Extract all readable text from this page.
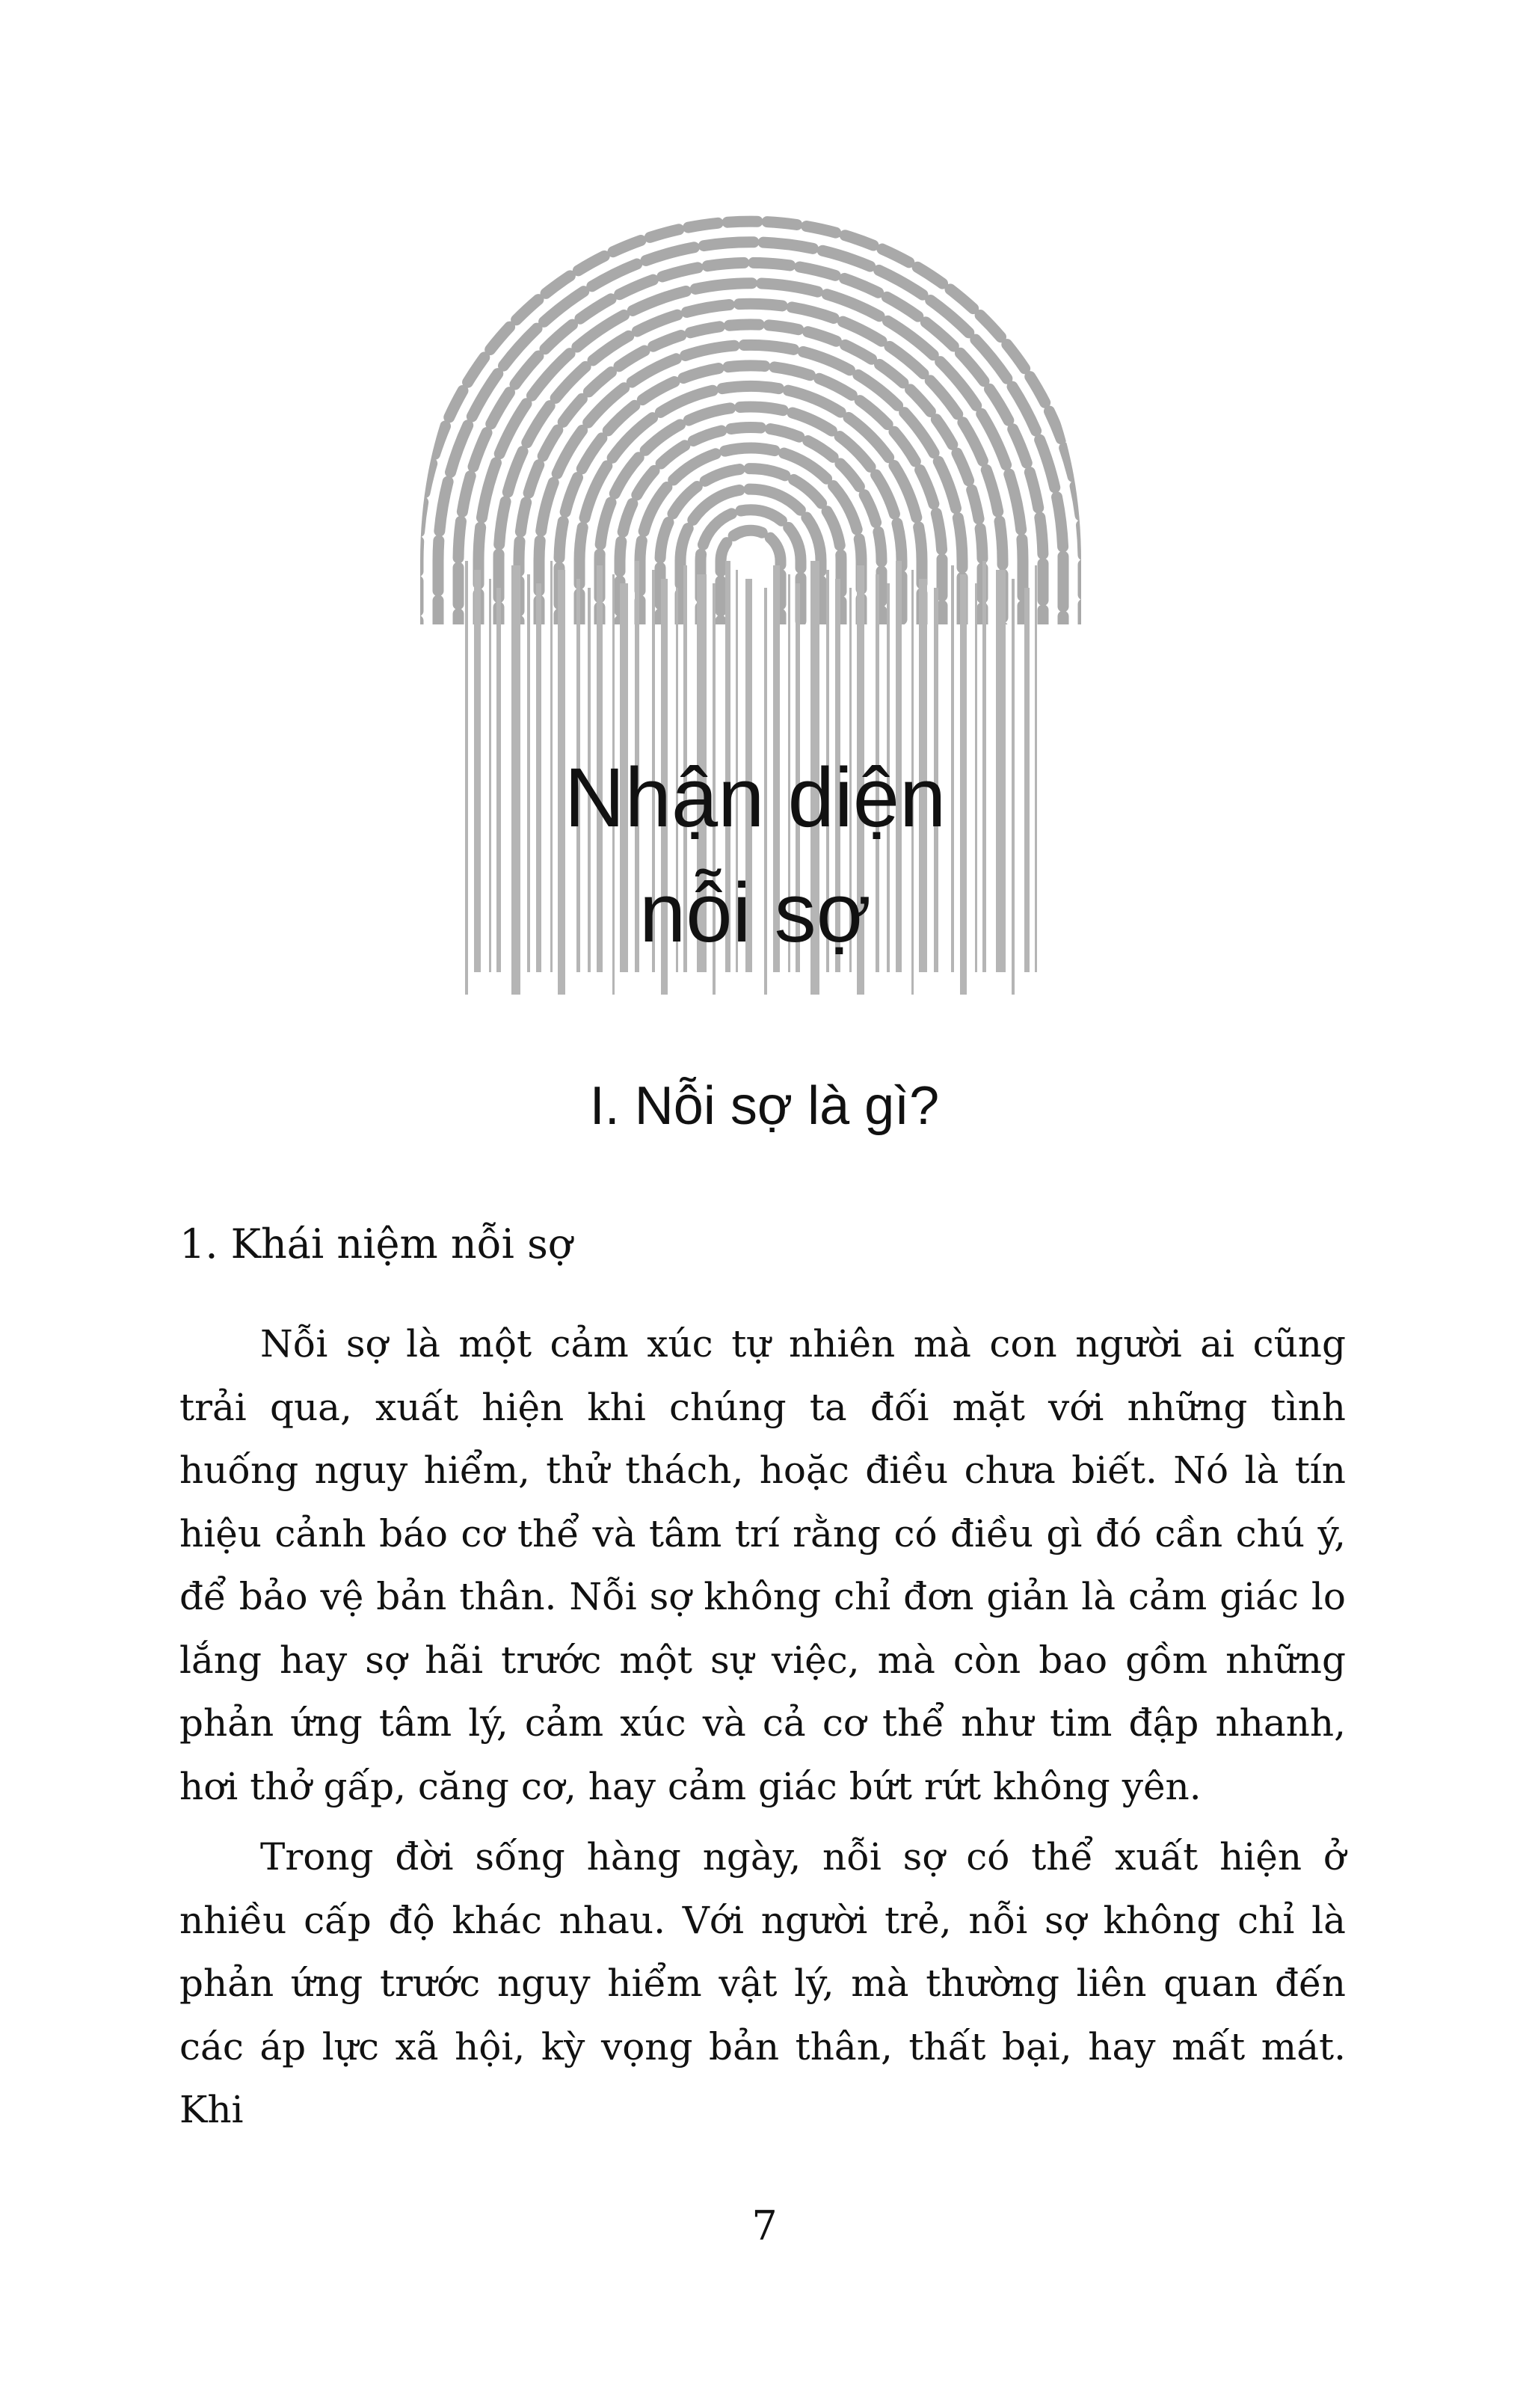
Nhận diện
nỗi sợ
I. Nỗi sợ là gì?
1. Khái niệm nỗi sợ

Nỗi sợ là một cảm xúc tự nhiên mà con người ai cũng trải qua, xuất hiện khi chúng ta đối mặt với những tình huống nguy hiểm, thử thách, hoặc điều chưa biết. Nó là tín hiệu cảnh báo cơ thể và tâm trí rằng có điều gì đó cần chú ý, để bảo vệ bản thân. Nỗi sợ không chỉ đơn giản là cảm giác lo lắng hay sợ hãi trước một sự việc, mà còn bao gồm những phản ứng tâm lý, cảm xúc và cả cơ thể như tim đập nhanh, hơi thở gấp, căng cơ, hay cảm giác bứt rứt không yên.

Trong đời sống hàng ngày, nỗi sợ có thể xuất hiện ở nhiều cấp độ khác nhau. Với người trẻ, nỗi sợ không chỉ là phản ứng trước nguy hiểm vật lý, mà thường liên quan đến các áp lực xã hội, kỳ vọng bản thân, thất bại, hay mất mát. Khi

7
